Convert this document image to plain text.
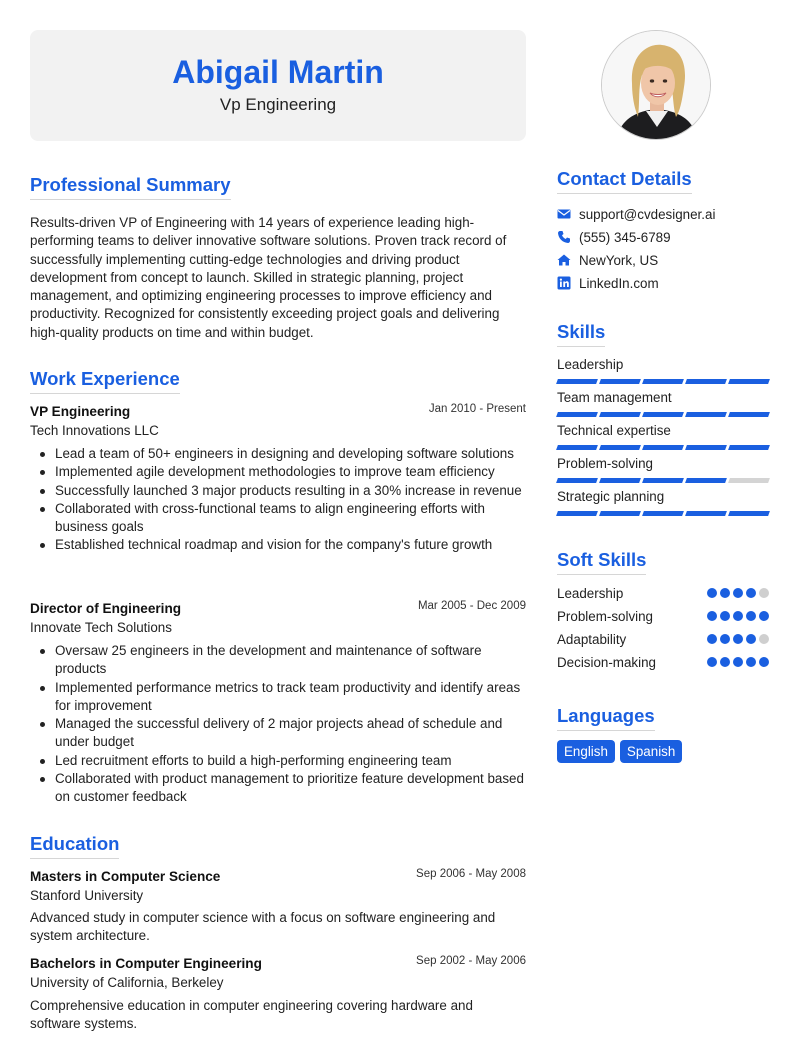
Abigail Martin
Vp Engineering
Professional Summary
Results-driven VP of Engineering with 14 years of experience leading high-performing teams to deliver innovative software solutions. Proven track record of successfully implementing cutting-edge technologies and driving product development from concept to launch. Skilled in strategic planning, project management, and optimizing engineering processes to improve efficiency and productivity. Recognized for consistently exceeding project goals and delivering high-quality products on time and within budget.
Work Experience
VP Engineering	Jan 2010 - Present
Tech Innovations LLC
Lead a team of 50+ engineers in designing and developing software solutions
Implemented agile development methodologies to improve team efficiency
Successfully launched 3 major products resulting in a 30% increase in revenue
Collaborated with cross-functional teams to align engineering efforts with business goals
Established technical roadmap and vision for the company's future growth
Director of Engineering	Mar 2005 - Dec 2009
Innovate Tech Solutions
Oversaw 25 engineers in the development and maintenance of software products
Implemented performance metrics to track team productivity and identify areas for improvement
Managed the successful delivery of 2 major projects ahead of schedule and under budget
Led recruitment efforts to build a high-performing engineering team
Collaborated with product management to prioritize feature development based on customer feedback
Education
Masters in Computer Science	Sep 2006 - May 2008
Stanford University
Advanced study in computer science with a focus on software engineering and system architecture.
Bachelors in Computer Engineering	Sep 2002 - May 2006
University of California, Berkeley
Comprehensive education in computer engineering covering hardware and software systems.
Contact Details
support@cvdesigner.ai
(555) 345-6789
NewYork, US
LinkedIn.com
Skills
Leadership
Team management
Technical expertise
Problem-solving
Strategic planning
Soft Skills
Leadership
Problem-solving
Adaptability
Decision-making
Languages
English	Spanish
